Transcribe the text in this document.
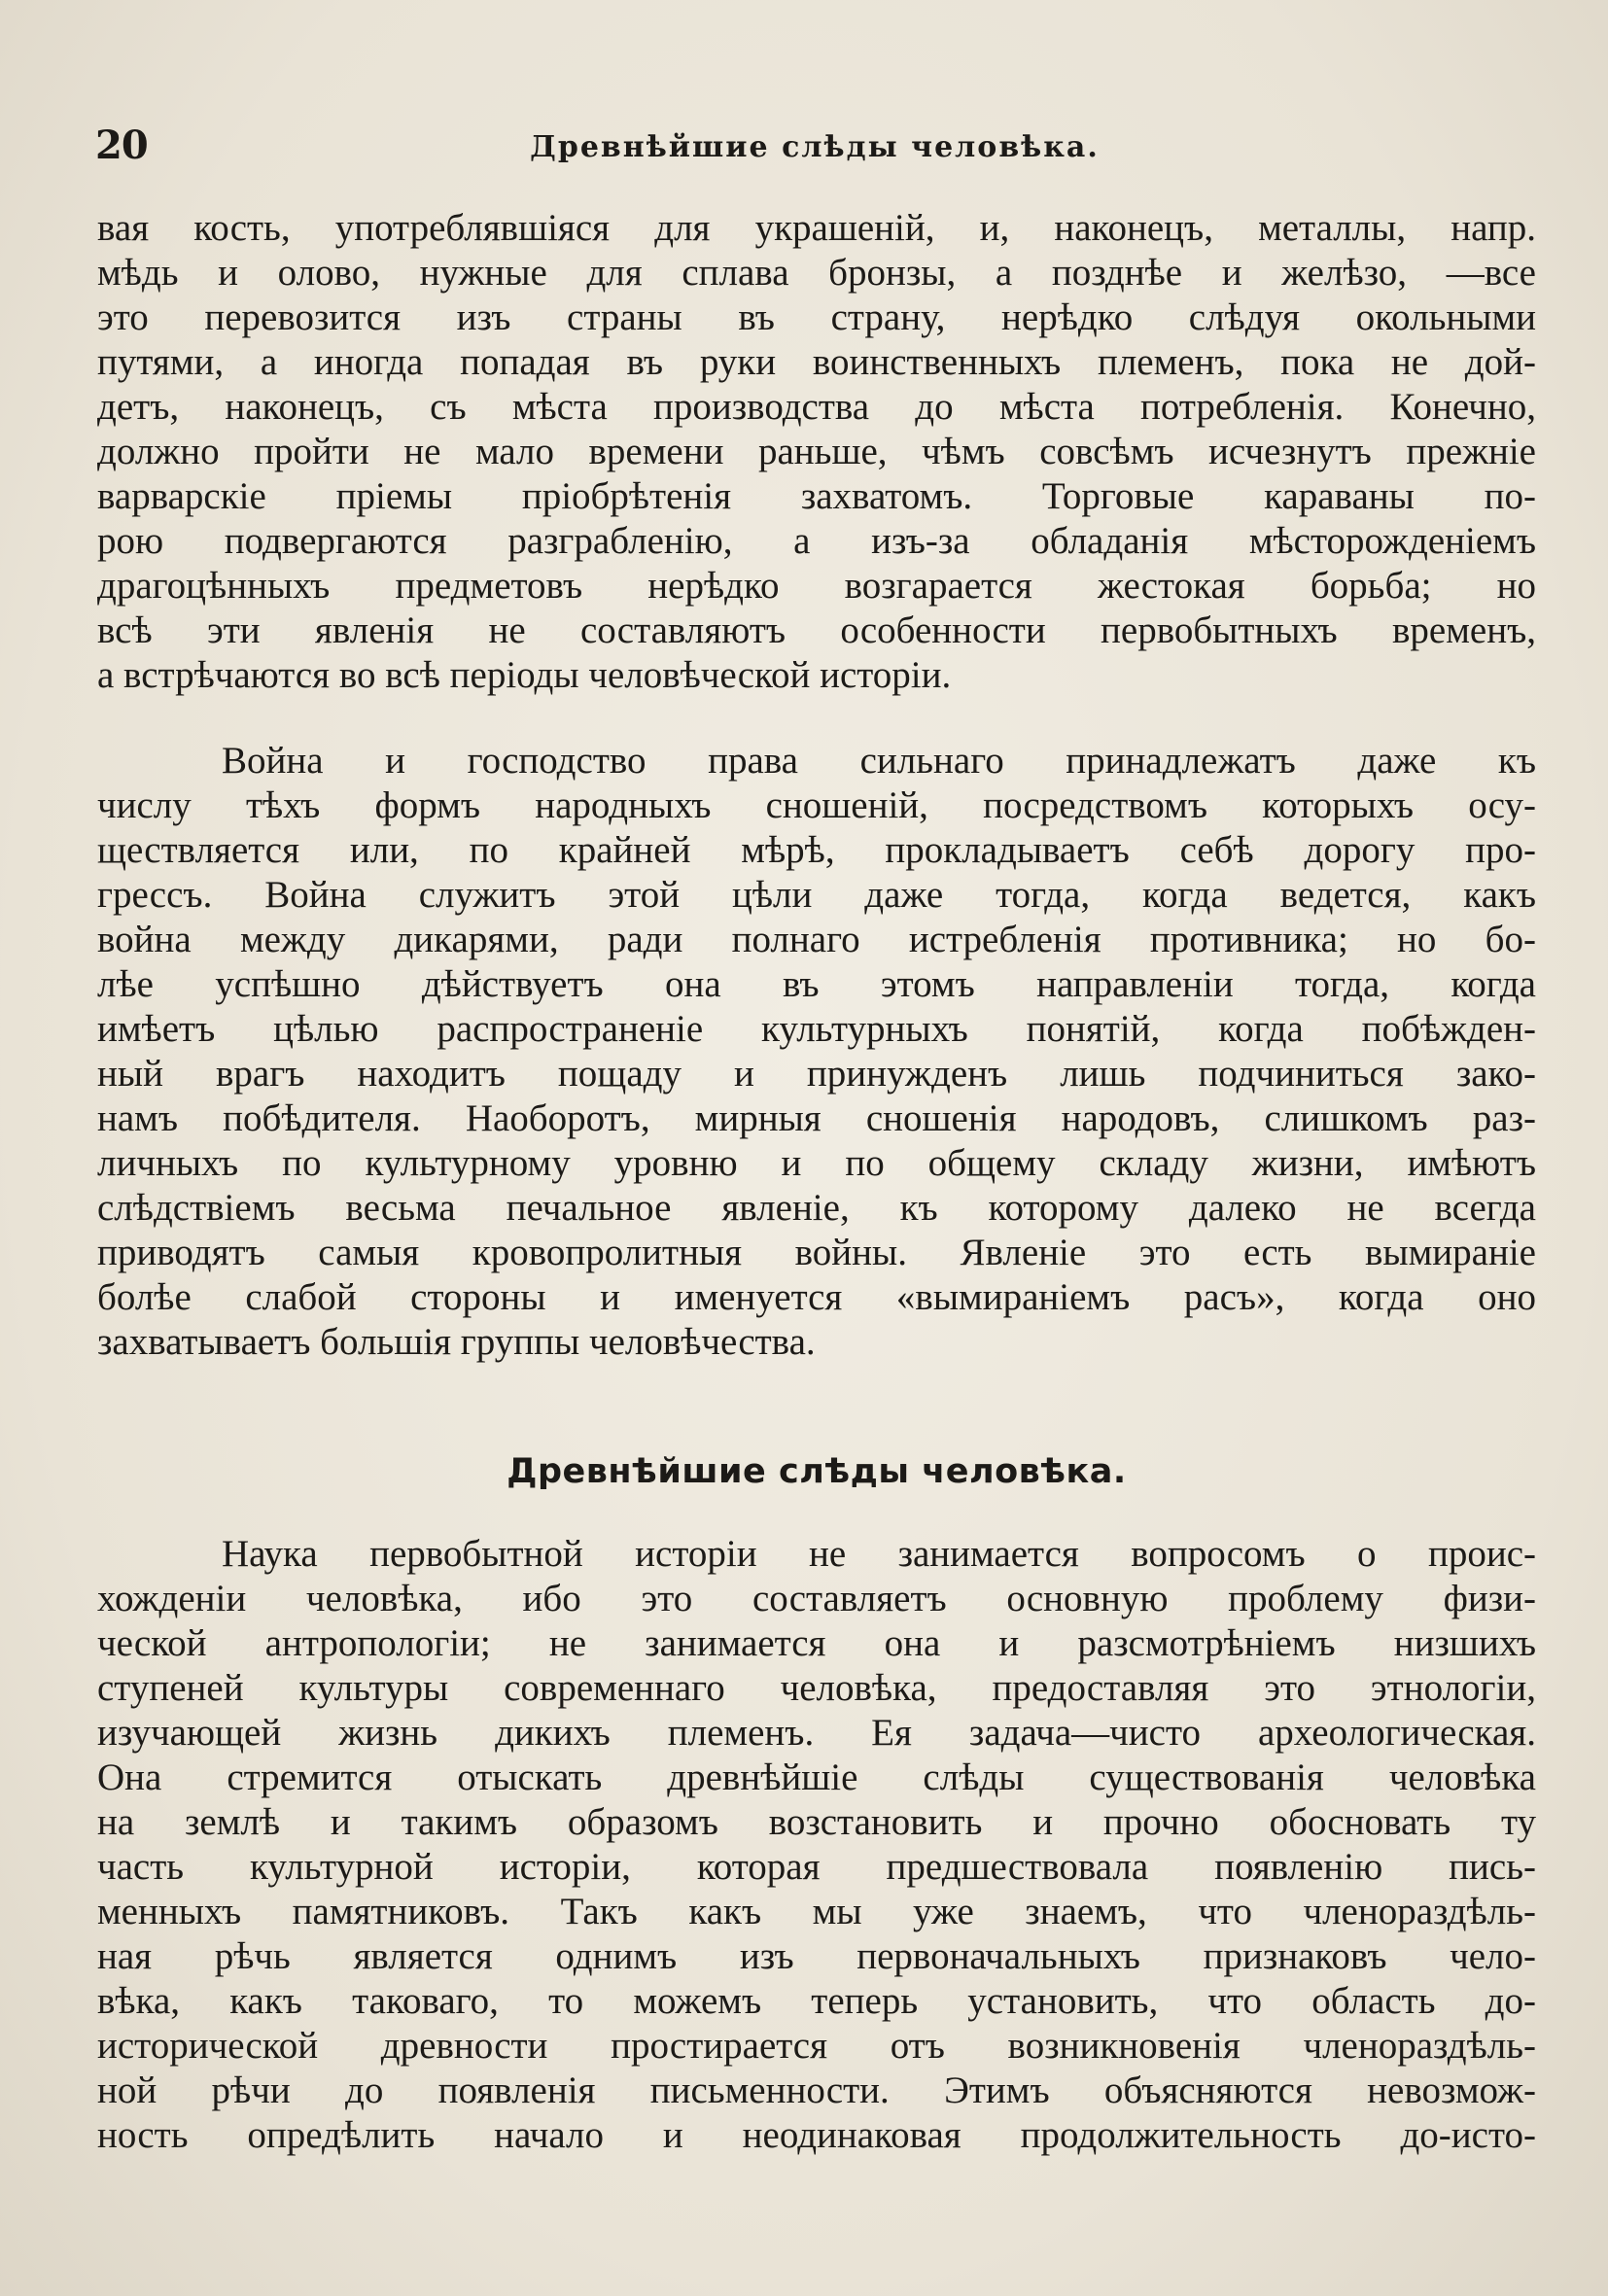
20	Древнѣйшие слѣды человѣка.
вая кость, употреблявшіяся для украшеній, и, наконецъ, металлы, напр.
мѣдь и олово, нужные для сплава бронзы, а позднѣе и желѣзо, —все
это перевозится изъ страны въ страну, нерѣдко слѣдуя окольными
путями, а иногда попадая въ руки воинственныхъ племенъ, пока не дой-
детъ, наконецъ, съ мѣста производства до мѣста потребленія. Конечно,
должно пройти не мало времени раньше, чѣмъ совсѣмъ исчезнутъ прежніе
варварскіе пріемы пріобрѣтенія захватомъ. Торговые караваны по-
рою подвергаются разграбленію, а изъ-за обладанія мѣсторожденіемъ
драгоцѣнныхъ предметовъ нерѣдко возгарается жестокая борьба; но
всѣ эти явленія не составляютъ особенности первобытныхъ временъ,
а встрѣчаются во всѣ періоды человѣческой исторіи.
Война и господство права сильнаго принадлежатъ даже къ
числу тѣхъ формъ народныхъ сношеній, посредствомъ которыхъ осу-
ществляется или, по крайней мѣрѣ, прокладываетъ себѣ дорогу про-
грессъ. Война служитъ этой цѣли даже тогда, когда ведется, какъ
война между дикарями, ради полнаго истребленія противника; но бо-
лѣе успѣшно дѣйствуетъ она въ этомъ направленіи тогда, когда
имѣетъ цѣлью распространеніе культурныхъ понятій, когда побѣжден-
ный врагъ находитъ пощаду и принужденъ лишь подчиниться зако-
намъ побѣдителя. Наоборотъ, мирныя сношенія народовъ, слишкомъ раз-
личныхъ по культурному уровню и по общему складу жизни, имѣютъ
слѣдствіемъ весьма печальное явленіе, къ которому далеко не всегда
приводятъ самыя кровопролитныя войны. Явленіе это есть вымираніе
болѣе слабой стороны и именуется «вымираніемъ расъ», когда оно
захватываетъ большія группы человѣчества.
Древнѣйшие слѣды человѣка.
Наука первобытной исторіи не занимается вопросомъ о проис-
хожденіи человѣка, ибо это составляетъ основную проблему физи-
ческой антропологіи; не занимается она и разсмотрѣніемъ низшихъ
ступеней культуры современнаго человѣка, предоставляя это этнологіи,
изучающей жизнь дикихъ племенъ. Ея задача—чисто археологическая.
Она стремится отыскать древнѣйшіе слѣды существованія человѣка
на землѣ и такимъ образомъ возстановить и прочно обосновать ту
часть культурной исторіи, которая предшествовала появленію пись-
менныхъ памятниковъ. Такъ какъ мы уже знаемъ, что членораздѣль-
ная рѣчь является однимъ изъ первоначальныхъ признаковъ чело-
вѣка, какъ таковаго, то можемъ теперь установить, что область до-
исторической древности простирается отъ возникновенія членораздѣль-
ной рѣчи до появленія письменности. Этимъ объясняются невозмож-
ность опредѣлить начало и неодинаковая продолжительность до-исто-
